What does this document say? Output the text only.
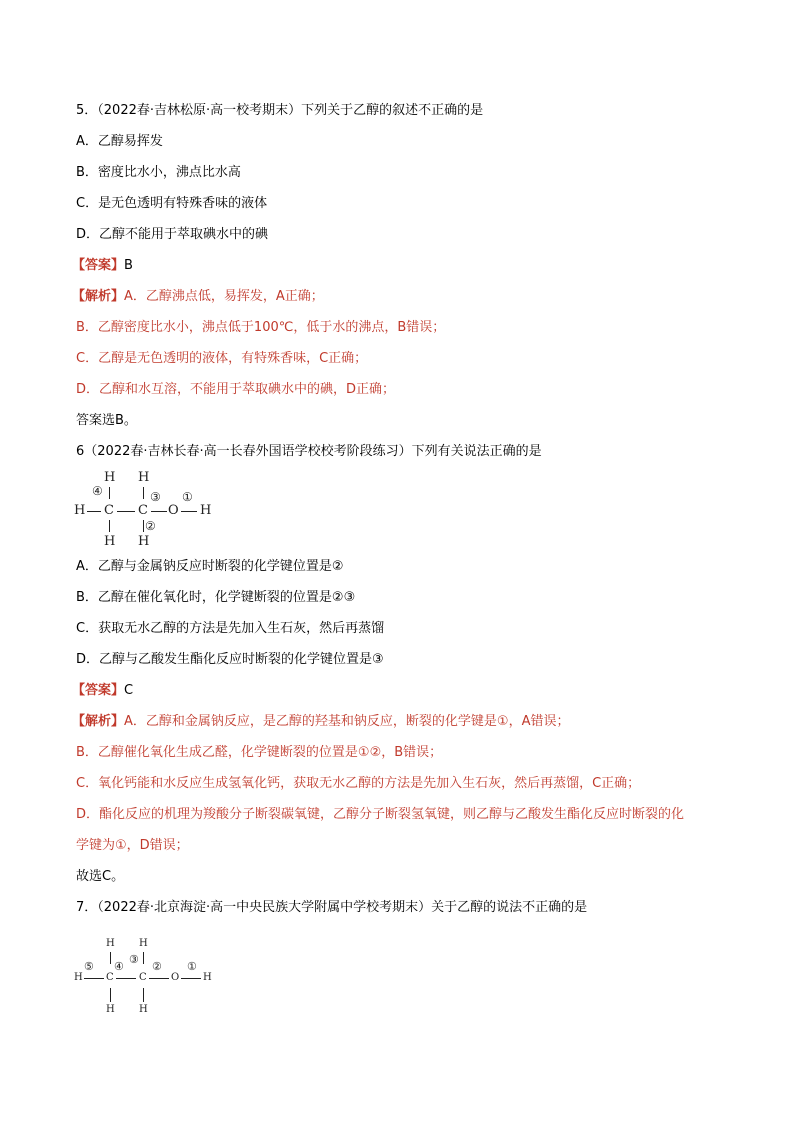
5．（2022春·吉林松原·高一校考期末）下列关于乙醇的叙述不正确的是
A．乙醇易挥发
B．密度比水小，沸点比水高
C．是无色透明有特殊香味的液体
D．乙醇不能用于萃取碘水中的碘
【答案】B
【解析】A．乙醇沸点低，易挥发，A正确；
B．乙醇密度比水小，沸点低于100℃，低于水的沸点，B错误；
C．乙醇是无色透明的液体，有特殊香味，C正确；
D．乙醇和水互溶，不能用于萃取碘水中的碘，D正确；
答案选B。
6（2022春·吉林长春·高一长春外国语学校校考阶段练习）下列有关说法正确的是
H H
④	③ ①
H C C O H
②
H H
A．乙醇与金属钠反应时断裂的化学键位置是②
B．乙醇在催化氧化时，化学键断裂的位置是②③
C．获取无水乙醇的方法是先加入生石灰，然后再蒸馏
D．乙醇与乙酸发生酯化反应时断裂的化学键位置是③
【答案】C
【解析】A．乙醇和金属钠反应，是乙醇的羟基和钠反应，断裂的化学键是①，A错误；
B．乙醇催化氧化生成乙醛，化学键断裂的位置是①②，B错误；
C．氧化钙能和水反应生成氢氧化钙，获取无水乙醇的方法是先加入生石灰，然后再蒸馏，C正确；
D．酯化反应的机理为羧酸分子断裂碳氧键，乙醇分子断裂氢氧键，则乙醇与乙酸发生酯化反应时断裂的化
学键为①，D错误；
故选C。
7．（2022春·北京海淀·高一中央民族大学附属中学校考期末）关于乙醇的说法不正确的是
H H
③
⑤ ④	② ①
H C	C O H
H H
